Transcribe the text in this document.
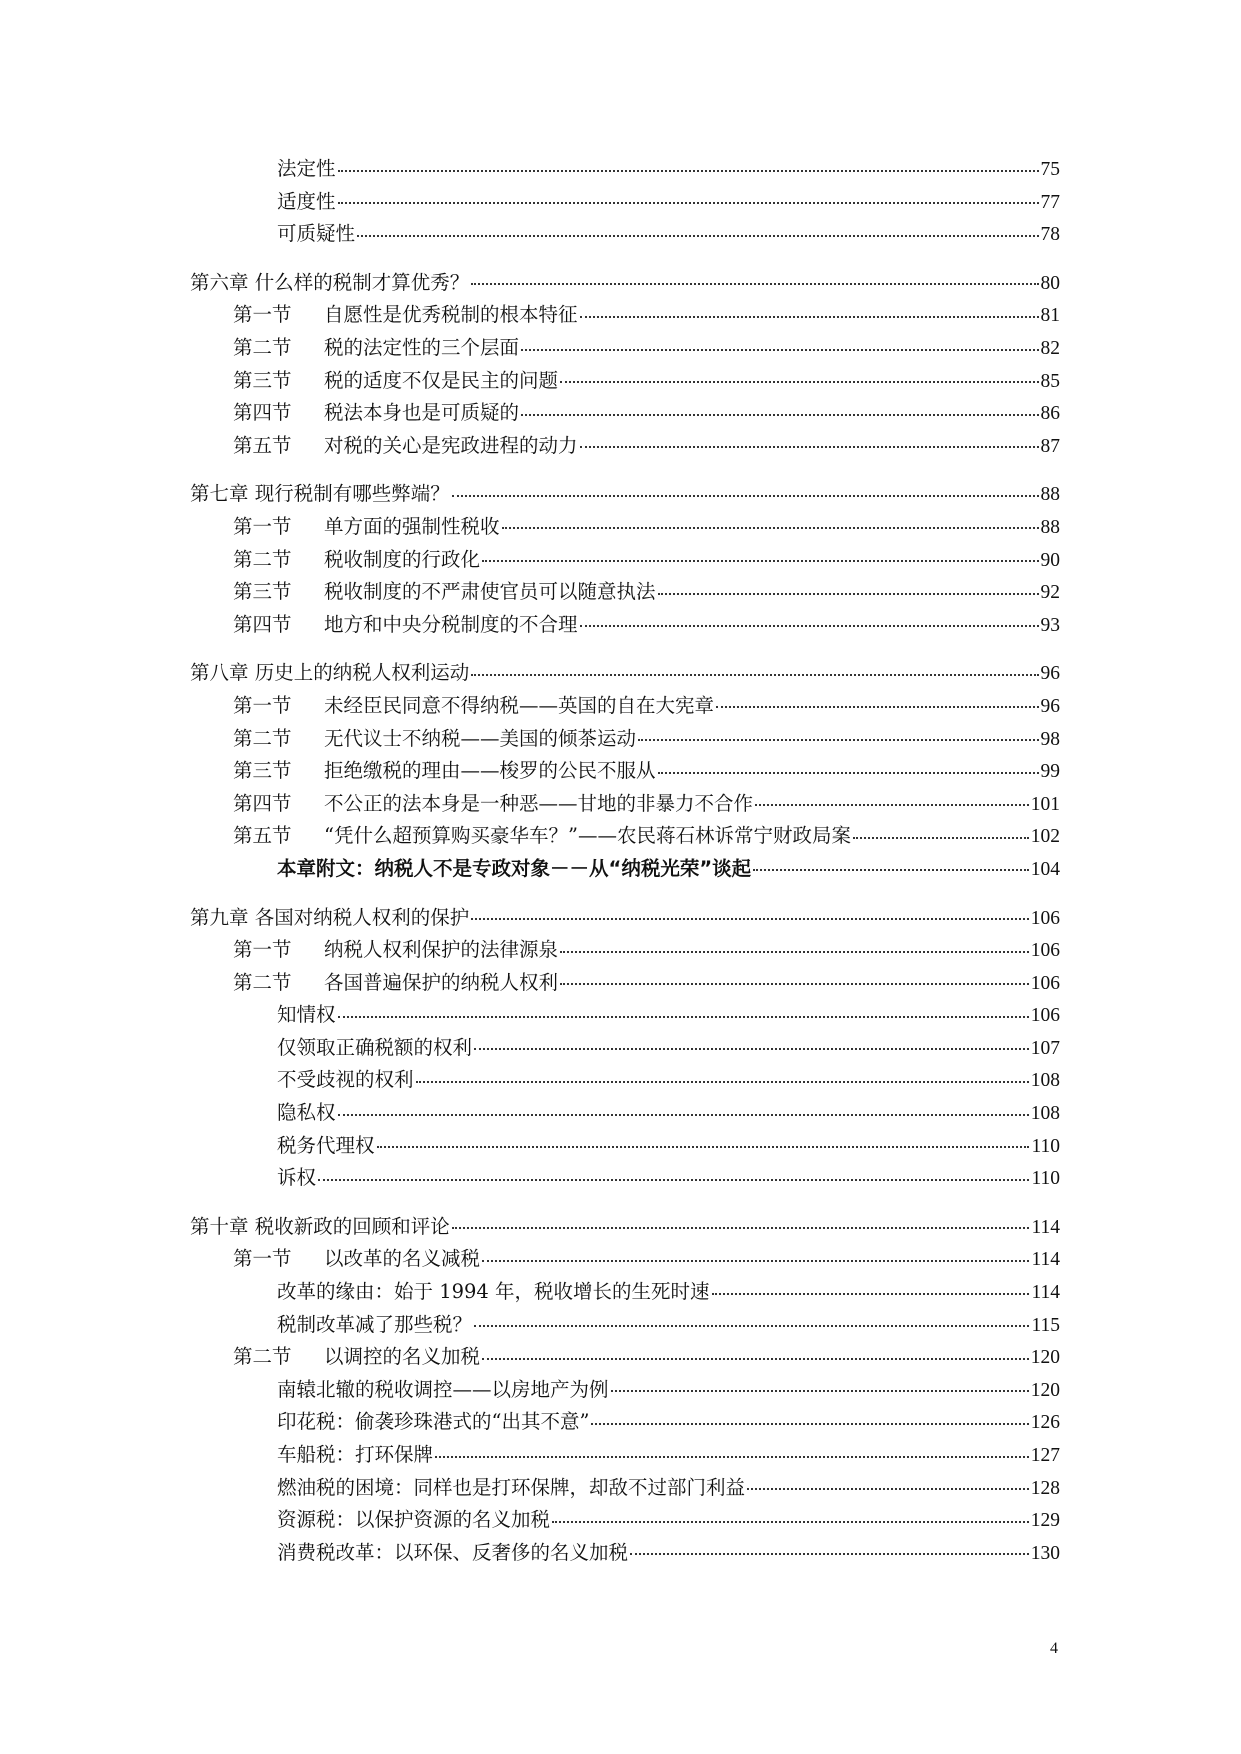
法定性	75
适度性	77
可质疑性	78
第六章 什么样的税制才算优秀？	80
第一节	自愿性是优秀税制的根本特征	81
第二节	税的法定性的三个层面	82
第三节	税的适度不仅是民主的问题	85
第四节	税法本身也是可质疑的	86
第五节	对税的关心是宪政进程的动力	87
第七章 现行税制有哪些弊端？	88
第一节	单方面的强制性税收	88
第二节	税收制度的行政化	90
第三节	税收制度的不严肃使官员可以随意执法	92
第四节	地方和中央分税制度的不合理	93
第八章 历史上的纳税人权利运动	96
第一节	未经臣民同意不得纳税——英国的自在大宪章	96
第二节	无代议士不纳税——美国的倾茶运动	98
第三节	拒绝缴税的理由——梭罗的公民不服从	99
第四节	不公正的法本身是一种恶——甘地的非暴力不合作	101
第五节	“凭什么超预算购买豪华车？”——农民蒋石林诉常宁财政局案	102
本章附文：纳税人不是专政对象－－从“纳税光荣”谈起	104
第九章 各国对纳税人权利的保护	106
第一节	纳税人权利保护的法律源泉	106
第二节	各国普遍保护的纳税人权利	106
知情权	106
仅领取正确税额的权利	107
不受歧视的权利	108
隐私权	108
税务代理权	110
诉权	110
第十章 税收新政的回顾和评论	114
第一节	以改革的名义减税	114
改革的缘由：始于 1994 年，税收增长的生死时速	114
税制改革减了那些税？	115
第二节	以调控的名义加税	120
南辕北辙的税收调控——以房地产为例	120
印花税：偷袭珍珠港式的“出其不意”	126
车船税：打环保牌	127
燃油税的困境：同样也是打环保牌，却敌不过部门利益	128
资源税：以保护资源的名义加税	129
消费税改革：以环保、反奢侈的名义加税	130
4
